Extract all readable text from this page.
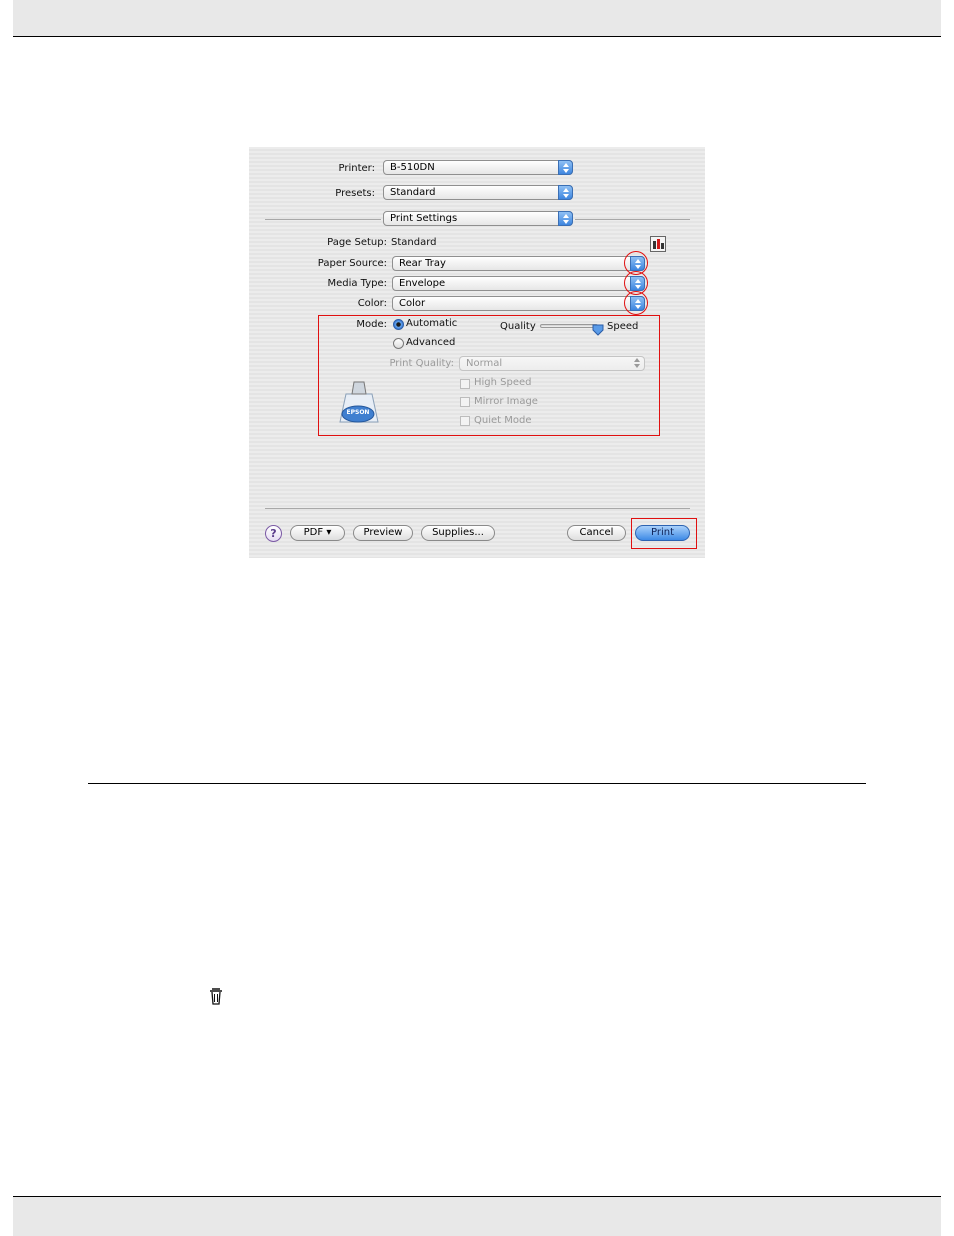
Printer: B-510DN
Presets: Standard
Print Settings
Page Setup: Standard
Paper Source: Rear Tray
Media Type: Envelope
Color: Color
Mode: Automatic
Advanced
Quality	Speed
Print Quality: Normal
High Speed
Mirror Image
Quiet Mode
EPSON
?	PDF ▾	Preview	Supplies...	Cancel	Print
